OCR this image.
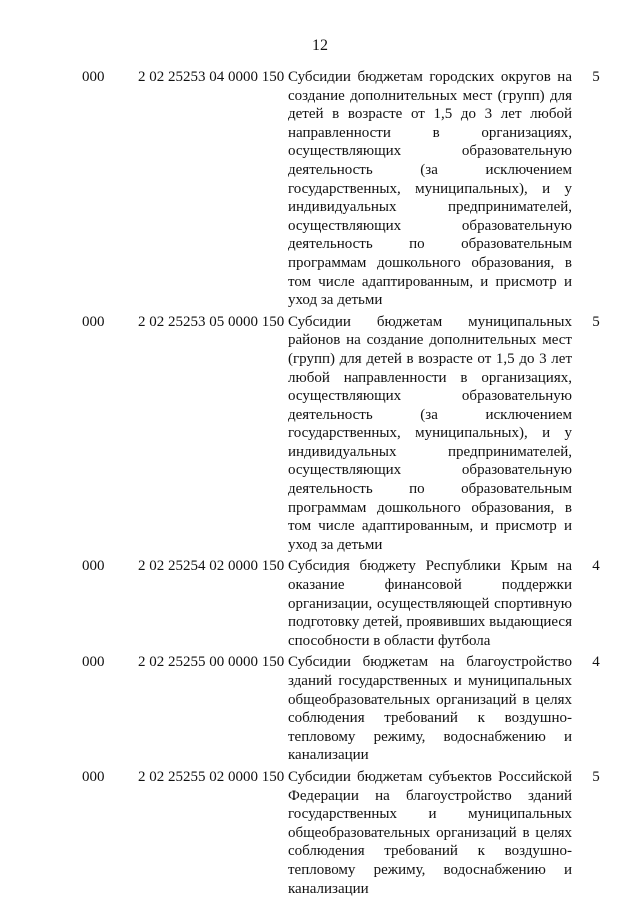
12
000	2 02 25253 04 0000 150 Субсидии бюджетам городских округов на создание дополнительных мест (групп) для детей в возрасте от 1,5 до 3 лет любой направленности в организациях, осуществляющих образовательную деятельность (за исключением государственных, муниципальных), и у индивидуальных предпринимателей, осуществляющих образовательную деятельность по образовательным программам дошкольного образования, в том числе адаптированным, и присмотр и уход за детьми
5
000	2 02 25253 05 0000 150 Субсидии бюджетам муниципальных районов на создание дополнительных мест (групп) для детей в возрасте от 1,5 до 3 лет любой направленности в организациях, осуществляющих образовательную деятельность (за исключением государственных, муниципальных), и у индивидуальных предпринимателей, осуществляющих образовательную деятельность по образовательным программам дошкольного образования, в том числе адаптированным, и присмотр и уход за детьми
5
000	2 02 25254 02 0000 150 Субсидия бюджету Республики Крым на оказание финансовой поддержки организации, осуществляющей спортивную подготовку детей, проявивших выдающиеся способности в области футбола
4
000	2 02 25255 00 0000 150 Субсидии бюджетам на благоустройство зданий государственных и муниципальных общеобразовательных организаций в целях соблюдения требований к воздушно-тепловому режиму, водоснабжению и канализации
4
000	2 02 25255 02 0000 150 Субсидии бюджетам субъектов Российской Федерации на благоустройство зданий государственных и муниципальных общеобразовательных организаций в целях соблюдения требований к воздушно-тепловому режиму, водоснабжению и канализации
5
